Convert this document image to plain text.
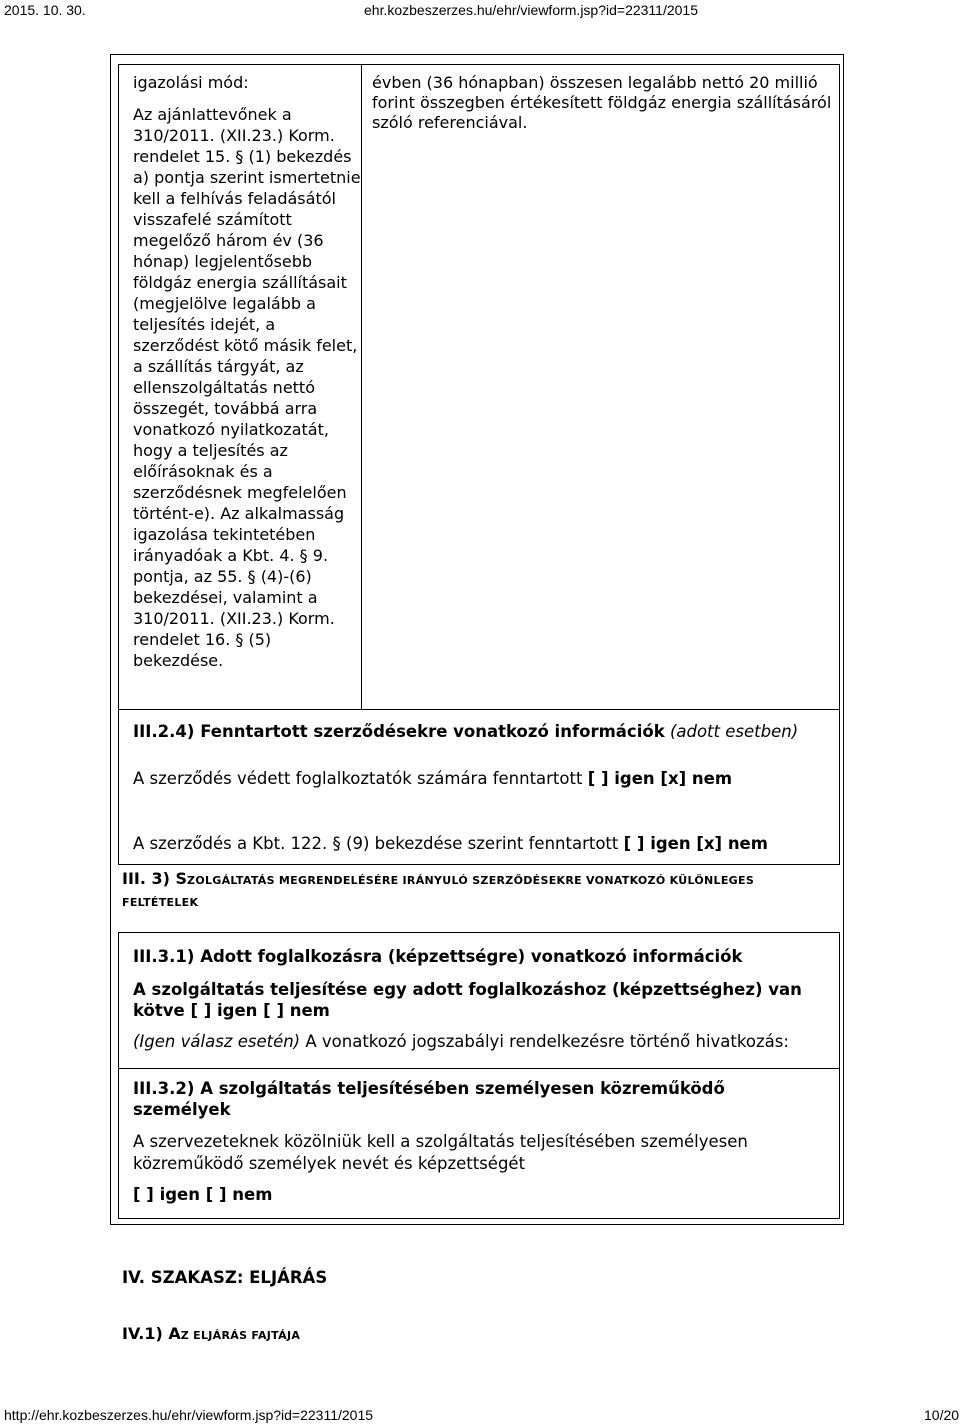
2015. 10. 30.	ehr.kozbeszerzes.hu/ehr/viewform.jsp?id=22311/2015
http://ehr.kozbeszerzes.hu/ehr/viewform.jsp?id=22311/2015	10/20

igazolási mód:

Az ajánlattevőnek a 310/2011. (XII.23.) Korm. rendelet 15. § (1) bekezdés a) pontja szerint ismertetnie kell a felhívás feladásától visszafelé számított megelőző három év (36 hónap) legjelentősebb földgáz energia szállításait (megjelölve legalább a teljesítés idejét, a szerződést kötő másik felet, a szállítás tárgyát, az ellenszolgáltatás nettó összegét, továbbá arra vonatkozó nyilatkozatát, hogy a teljesítés az előírásoknak és a szerződésnek megfelelően történt-e). Az alkalmasság igazolása tekintetében irányadóak a Kbt. 4. § 9. pontja, az 55. § (4)-(6) bekezdései, valamint a 310/2011. (XII.23.) Korm. rendelet 16. § (5) bekezdése.

évben (36 hónapban) összesen legalább nettó 20 millió forint összegben értékesített földgáz energia szállításáról szóló referenciával.
III.2.4) Fenntartott szerződésekre vonatkozó információk (adott esetben)
A szerződés védett foglalkoztatók számára fenntartott [ ] igen [x] nem
A szerződés a Kbt. 122. § (9) bekezdése szerint fenntartott [ ] igen [x] nem
III. 3) SZOLGÁLTATÁS MEGRENDELÉSÉRE IRÁNYULÓ SZERZŐDÉSEKRE VONATKOZÓ KÜLÖNLEGES
FELTÉTELEK
III.3.1) Adott foglalkozásra (képzettségre) vonatkozó információk
A szolgáltatás teljesítése egy adott foglalkozáshoz (képzettséghez) van
kötve [ ] igen [ ] nem
(Igen válasz esetén) A vonatkozó jogszabályi rendelkezésre történő hivatkozás:
III.3.2) A szolgáltatás teljesítésében személyesen közreműködő
személyek
A szervezeteknek közölniük kell a szolgáltatás teljesítésében személyesen
közreműködő személyek nevét és képzettségét
[ ] igen [ ] nem
IV. SZAKASZ: ELJÁRÁS
IV.1) AZ ELJÁRÁS FAJTÁJA
